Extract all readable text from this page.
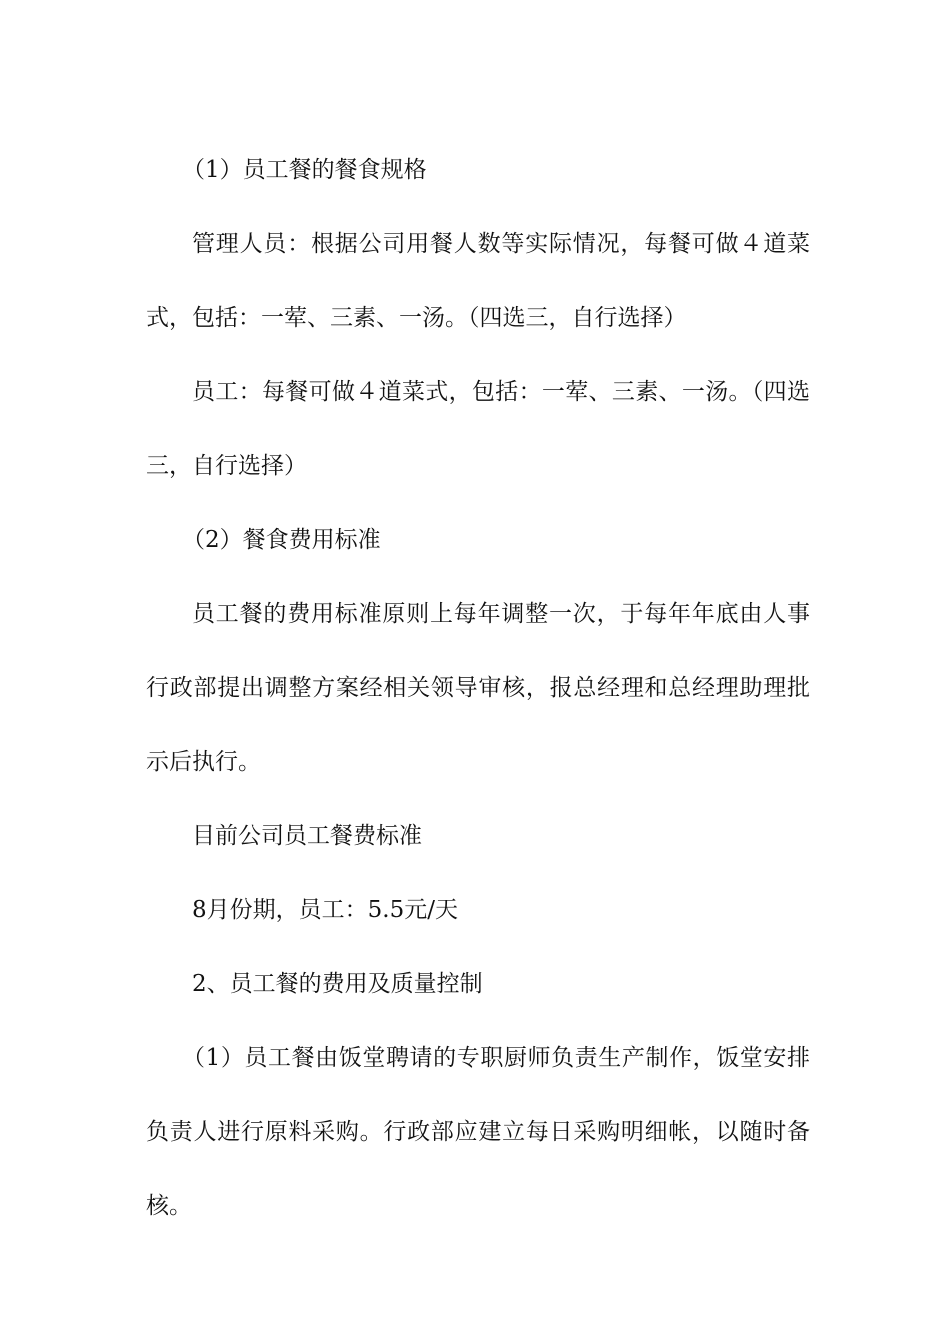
（1）员工餐的餐食规格

管理人员：根据公司用餐人数等实际情况，每餐可做４道菜式，包括：一荤、三素、一汤。（四选三，自行选择）

员工：每餐可做４道菜式，包括：一荤、三素、一汤。（四选三，自行选择）

（2）餐食费用标准

员工餐的费用标准原则上每年调整一次，于每年年底由人事行政部提出调整方案经相关领导审核，报总经理和总经理助理批示后执行。

目前公司员工餐费标准

8月份期，员工：5.5元/天

2、员工餐的费用及质量控制

（1）员工餐由饭堂聘请的专职厨师负责生产制作，饭堂安排负责人进行原料采购。行政部应建立每日采购明细帐，以随时备核。
